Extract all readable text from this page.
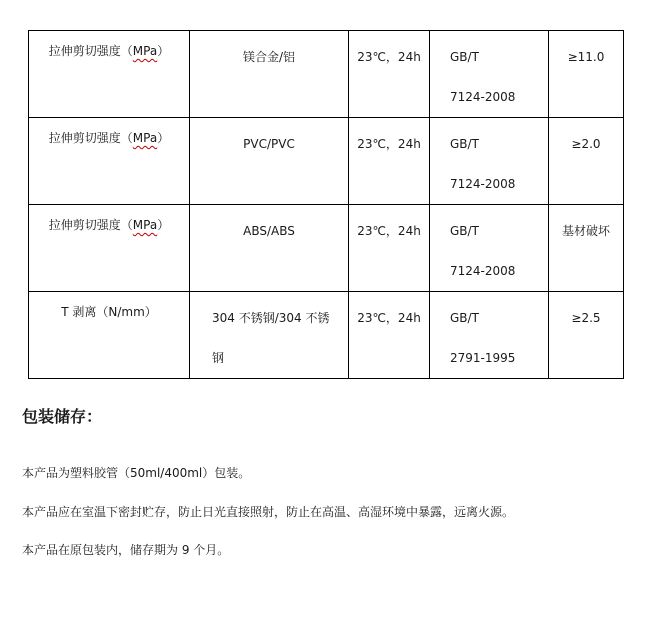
拉伸剪切强度（MPa）	镁合金/铝	23℃，24h	GB/T
7124-2008	≥11.0

拉伸剪切强度（MPa）	PVC/PVC	23℃，24h	GB/T
7124-2008	≥2.0

拉伸剪切强度（MPa）	ABS/ABS	23℃，24h	GB/T
7124-2008	基材破坏

T 剥离（N/mm）	304 不锈钢/304 不锈
钢	23℃，24h	GB/T
2791-1995	≥2.5
包装储存：

本产品为塑料胶管（50ml/400ml）包装。

本产品应在室温下密封贮存，防止日光直接照射，防止在高温、高湿环境中暴露，远离火源。

本产品在原包装内，储存期为 9 个月。
